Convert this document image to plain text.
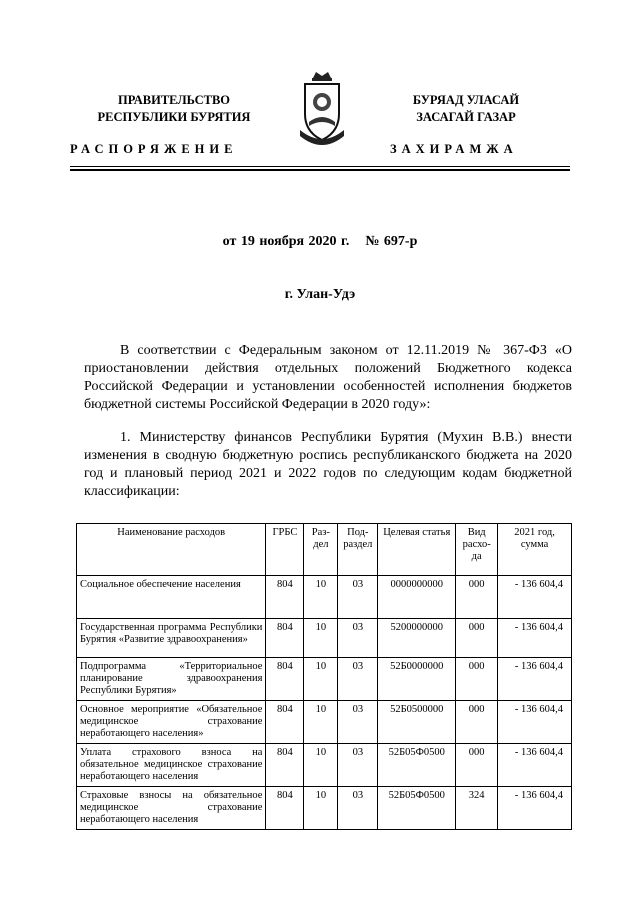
ПРАВИТЕЛЬСТВО
РЕСПУБЛИКИ БУРЯТИЯ
БУРЯАД УЛАСАЙ
ЗАСАГАЙ ГАЗАР
РАСПОРЯЖЕНИЕ	ЗАХИРАМЖА
от 19 ноября 2020 г. № 697-р
г. Улан-Удэ
В соответствии с Федеральным законом от 12.11.2019 № 367-ФЗ «О приостановлении действия отдельных положений Бюджетного кодекса Российской Федерации и установлении особенностей исполнения бюджетов бюджетной системы Российской Федерации в 2020 году»:
1. Министерству финансов Республики Бурятия (Мухин В.В.) внести изменения в сводную бюджетную роспись республиканского бюджета на 2020 год и плановый период 2021 и 2022 годов по следующим кодам бюджетной классификации:
Наименование расходов	ГРБС	Раз-дел	Под-раздел	Целевая статья	Вид расхо-да	2021 год, сумма
Социальное обеспечение населения	804	10	03	0000000000	000	- 136 604,4
Государственная программа Республики Бурятия «Развитие здравоохранения»	804	10	03	5200000000	000	- 136 604,4
Подпрограмма «Территориальное планирование здравоохранения Республики Бурятия»	804	10	03	52Б0000000	000	- 136 604,4
Основное мероприятие «Обязательное медицинское страхование неработающего населения»	804	10	03	52Б0500000	000	- 136 604,4
Уплата страхового взноса на обязательное медицинское страхование неработающего населения	804	10	03	52Б05Ф0500	000	- 136 604,4
Страховые взносы на обязательное медицинское страхование неработающего населения	804	10	03	52Б05Ф0500	324	- 136 604,4
